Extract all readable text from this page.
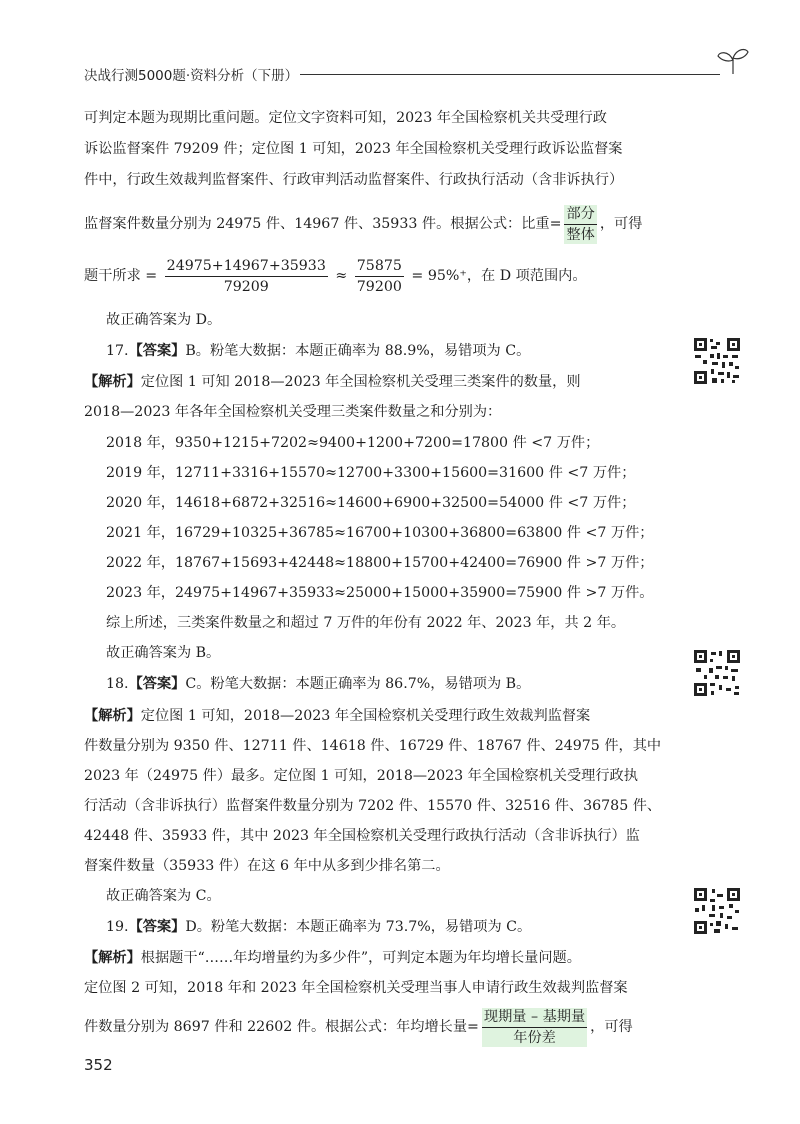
决战行测5000题·资料分析（下册）
可判定本题为现期比重问题。定位文字资料可知，2023 年全国检察机关共受理行政
诉讼监督案件 79209 件；定位图 1 可知，2023 年全国检察机关受理行政诉讼监督案
件中，行政生效裁判监督案件、行政审判活动监督案件、行政执行活动（含非诉执行）
监督案件数量分别为 24975 件、14967 件、35933 件。根据公式：比重= $\frac{\text{部分}}{\text{整体}}$ ，可得
题干所求 = $\frac{24975+14967+35933}{79209} \approx \frac{75875}{79200} = 95\%^+$，在 D 项范围内。
故正确答案为 D。
17.【答案】B。粉笔大数据：本题正确率为 88.9%，易错项为 C。
【解析】定位图 1 可知 2018—2023 年全国检察机关受理三类案件的数量，则
2018—2023 年各年全国检察机关受理三类案件数量之和分别为：
2018 年，9350+1215+7202≈9400+1200+7200=17800 件 <7 万件；
2019 年，12711+3316+15570≈12700+3300+15600=31600 件 <7 万件；
2020 年，14618+6872+32516≈14600+6900+32500=54000 件 <7 万件；
2021 年，16729+10325+36785≈16700+10300+36800=63800 件 <7 万件；
2022 年，18767+15693+42448≈18800+15700+42400=76900 件 >7 万件；
2023 年，24975+14967+35933≈25000+15000+35900=75900 件 >7 万件。
综上所述，三类案件数量之和超过 7 万件的年份有 2022 年、2023 年，共 2 年。
故正确答案为 B。
18.【答案】C。粉笔大数据：本题正确率为 86.7%，易错项为 B。
【解析】定位图 1 可知，2018—2023 年全国检察机关受理行政生效裁判监督案
件数量分别为 9350 件、12711 件、14618 件、16729 件、18767 件、24975 件，其中
2023 年（24975 件）最多。定位图 1 可知，2018—2023 年全国检察机关受理行政执
行活动（含非诉执行）监督案件数量分别为 7202 件、15570 件、32516 件、36785 件、
42448 件、35933 件，其中 2023 年全国检察机关受理行政执行活动（含非诉执行）监
督案件数量（35933 件）在这 6 年中从多到少排名第二。
故正确答案为 C。
19.【答案】D。粉笔大数据：本题正确率为 73.7%，易错项为 C。
【解析】根据题干“……年均增量约为多少件”，可判定本题为年均增长量问题。
定位图 2 可知，2018 年和 2023 年全国检察机关受理当事人申请行政生效裁判监督案
件数量分别为 8697 件和 22602 件。根据公式：年均增长量= $\frac{\text{现期量 – 基期量}}{\text{年份差}}$ ，可得
352
